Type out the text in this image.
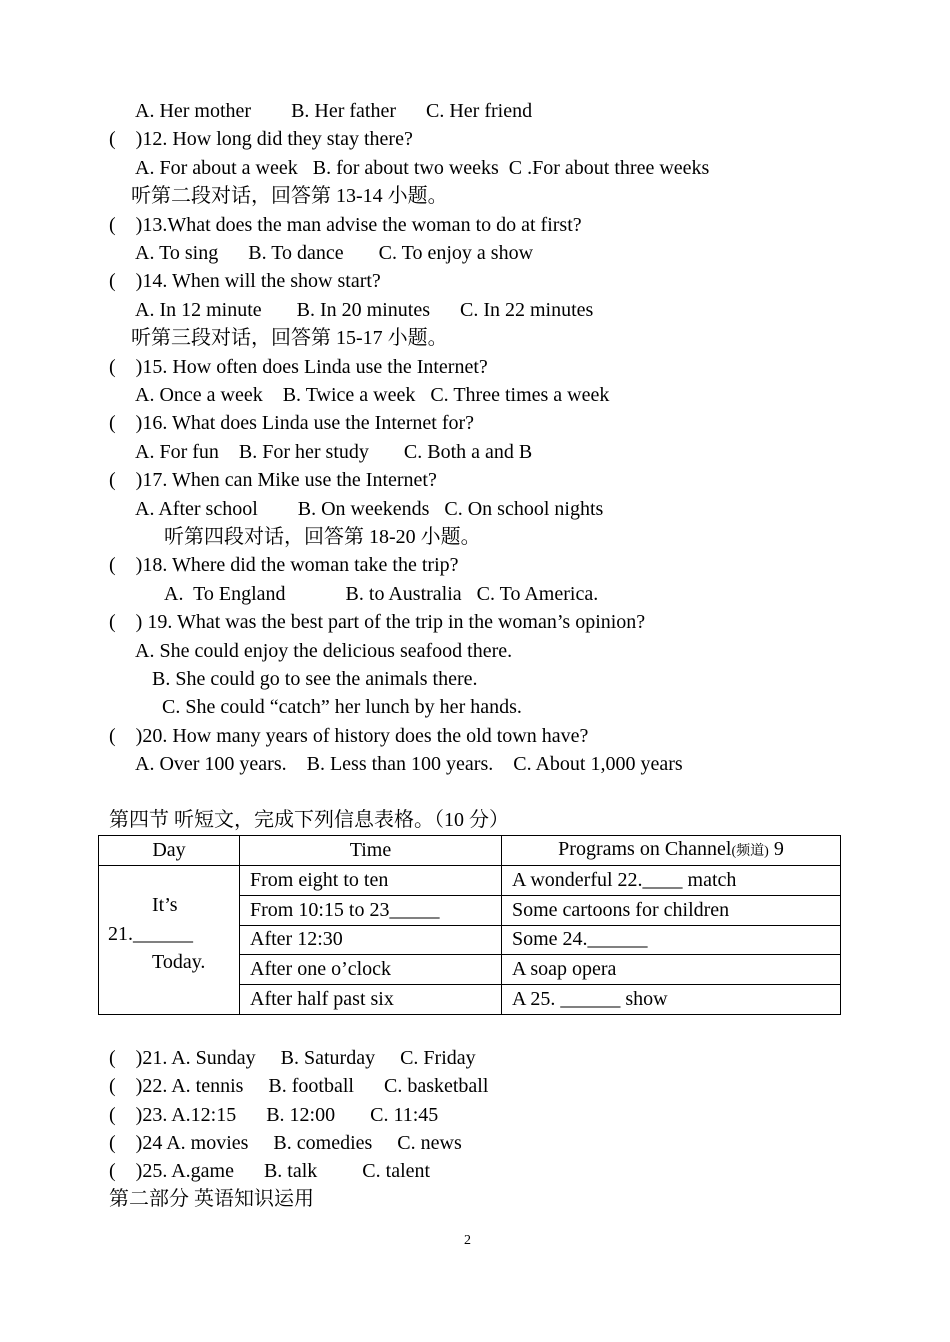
A. Her mother        B. Her father      C. Her friend
(    )12. How long did they stay there?
A. For about a week   B. for about two weeks  C .For about three weeks
听第二段对话，回答第 13-14 小题。
(    )13.What does the man advise the woman to do at first?
A. To sing      B. To dance       C. To enjoy a show
(    )14. When will the show start?
A. In 12 minute       B. In 20 minutes      C. In 22 minutes
听第三段对话，回答第 15-17 小题。
(    )15. How often does Linda use the Internet?
A. Once a week    B. Twice a week   C. Three times a week
(    )16. What does Linda use the Internet for?
A. For fun    B. For her study       C. Both a and B
(    )17. When can Mike use the Internet?
A. After school        B. On weekends   C. On school nights
听第四段对话，回答第 18-20 小题。
(    )18. Where did the woman take the trip?
A.  To England            B. to Australia   C. To America.
(    ) 19. What was the best part of the trip in the woman’s opinion?
A. She could enjoy the delicious seafood there.
B. She could go to see the animals there.
C. She could “catch” her lunch by her hands.
(    )20. How many years of history does the old town have?
A. Over 100 years.    B. Less than 100 years.    C. About 1,000 years
第四节 听短文，完成下列信息表格。（10 分）
Day	Time	Programs on Channel(频道) 9

It’s
21.______
Today.	From eight to ten	A wonderful 22.____ match
	From 10:15 to 23_____	Some cartoons for children
	After 12:30	Some 24.______
	After one o’clock	A soap opera
	After half past six	A 25. ______ show
(    )21. A. Sunday     B. Saturday     C. Friday
(    )22. A. tennis     B. football      C. basketball
(    )23. A.12:15      B. 12:00       C. 11:45
(    )24 A. movies     B. comedies     C. news
(    )25. A.game      B. talk         C. talent
第二部分 英语知识运用
2
